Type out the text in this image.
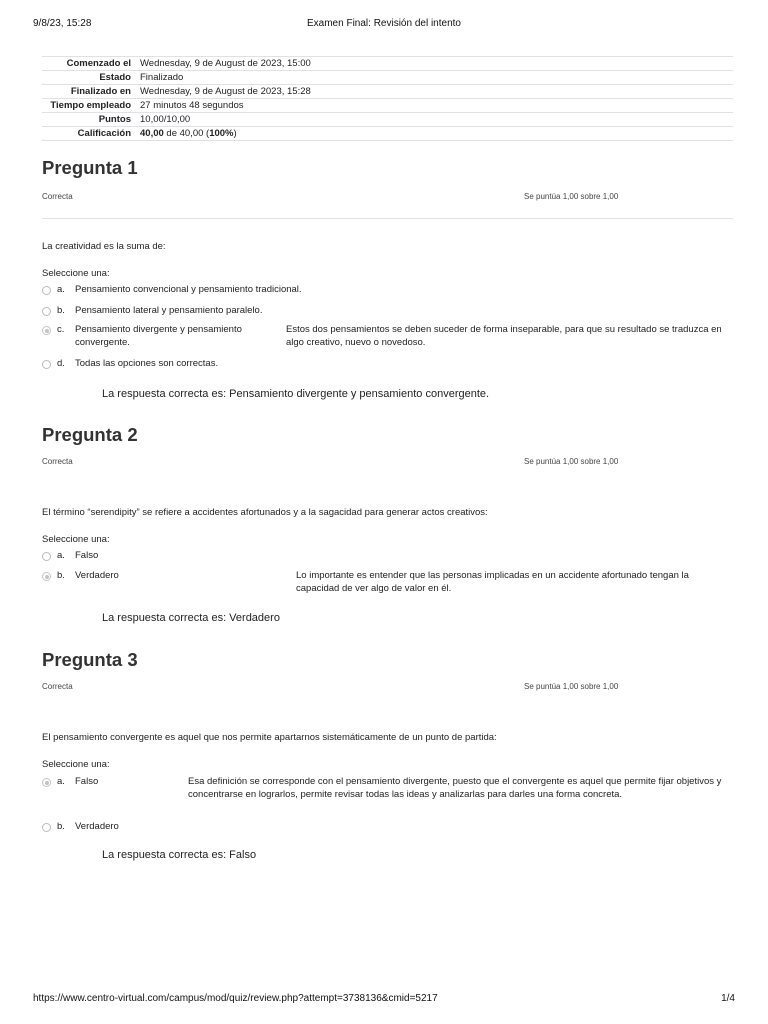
9/8/23, 15:28	Examen Final: Revisión del intento
Comenzado el	Wednesday, 9 de August de 2023, 15:00
Estado	Finalizado
Finalizado en	Wednesday, 9 de August de 2023, 15:28
Tiempo empleado	27 minutos 48 segundos
Puntos	10,00/10,00
Calificación	40,00 de 40,00 (100%)
Pregunta 1
Correcta	Se puntúa 1,00 sobre 1,00
La creatividad es la suma de:
Seleccione una:
a. Pensamiento convencional y pensamiento tradicional.
b. Pensamiento lateral y pensamiento paralelo.
c. Pensamiento divergente y pensamiento convergente.
Estos dos pensamientos se deben suceder de forma inseparable, para que su resultado se traduzca en algo creativo, nuevo o novedoso.
d. Todas las opciones son correctas.
La respuesta correcta es: Pensamiento divergente y pensamiento convergente.
Pregunta 2
Correcta	Se puntúa 1,00 sobre 1,00
El término “serendipity” se refiere a accidentes afortunados y a la sagacidad para generar actos creativos:
Seleccione una:
a. Falso
b. Verdadero	Lo importante es entender que las personas implicadas en un accidente afortunado tengan la capacidad de ver algo de valor en él.
La respuesta correcta es: Verdadero
Pregunta 3
Correcta	Se puntúa 1,00 sobre 1,00
El pensamiento convergente es aquel que nos permite apartarnos sistemáticamente de un punto de partida:
Seleccione una:
a. Falso	Esa definición se corresponde con el pensamiento divergente, puesto que el convergente es aquel que permite fijar objetivos y concentrarse en lograrlos, permite revisar todas las ideas y analizarlas para darles una forma concreta.
b. Verdadero
La respuesta correcta es: Falso
https://www.centro-virtual.com/campus/mod/quiz/review.php?attempt=3738136&cmid=5217	1/4
